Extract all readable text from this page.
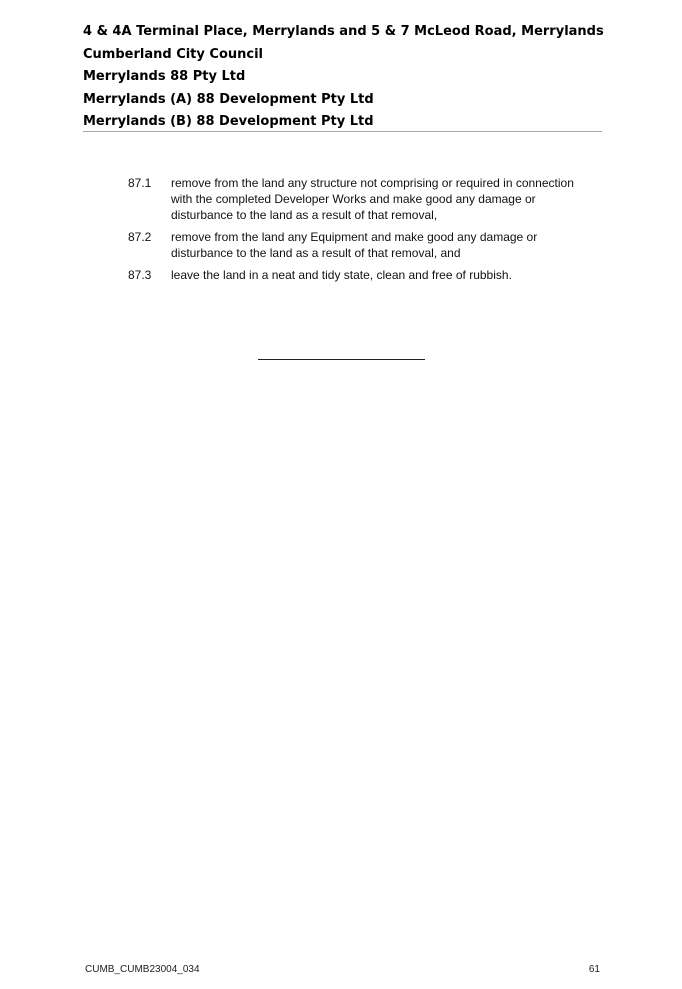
4 & 4A Terminal Place, Merrylands and 5 & 7 McLeod Road, Merrylands
Cumberland City Council
Merrylands 88 Pty Ltd
Merrylands (A) 88 Development Pty Ltd
Merrylands (B) 88 Development Pty Ltd
87.1	remove from the land any structure not comprising or required in connection with the completed Developer Works and make good any damage or disturbance to the land as a result of that removal,
87.2	remove from the land any Equipment and make good any damage or disturbance to the land as a result of that removal, and
87.3	leave the land in a neat and tidy state, clean and free of rubbish.
CUMB_CUMB23004_034	61
